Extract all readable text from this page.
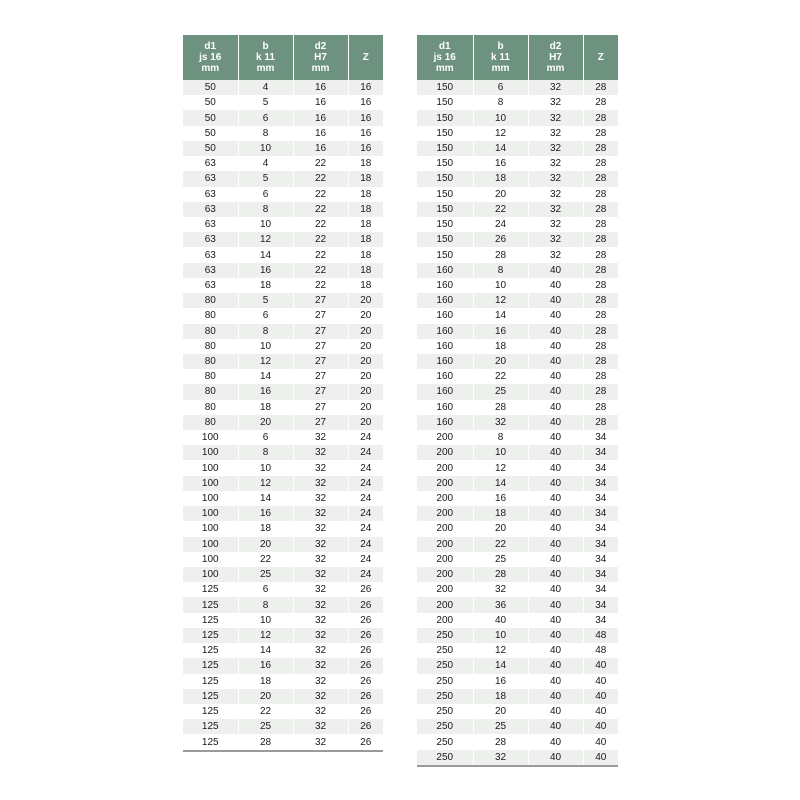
d1
js 16
mm	b
k 11
mm	d2
H7
mm	Z

50	4	16	16
50	5	16	16
50	6	16	16
50	8	16	16
50	10	16	16
63	4	22	18
63	5	22	18
63	6	22	18
63	8	22	18
63	10	22	18
63	12	22	18
63	14	22	18
63	16	22	18
63	18	22	18
80	5	27	20
80	6	27	20
80	8	27	20
80	10	27	20
80	12	27	20
80	14	27	20
80	16	27	20
80	18	27	20
80	20	27	20
100	6	32	24
100	8	32	24
100	10	32	24
100	12	32	24
100	14	32	24
100	16	32	24
100	18	32	24
100	20	32	24
100	22	32	24
100	25	32	24
125	6	32	26
125	8	32	26
125	10	32	26
125	12	32	26
125	14	32	26
125	16	32	26
125	18	32	26
125	20	32	26
125	22	32	26
125	25	32	26
125	28	32	26
d1
js 16
mm	b
k 11
mm	d2
H7
mm	Z

150	6	32	28
150	8	32	28
150	10	32	28
150	12	32	28
150	14	32	28
150	16	32	28
150	18	32	28
150	20	32	28
150	22	32	28
150	24	32	28
150	26	32	28
150	28	32	28
160	8	40	28
160	10	40	28
160	12	40	28
160	14	40	28
160	16	40	28
160	18	40	28
160	20	40	28
160	22	40	28
160	25	40	28
160	28	40	28
160	32	40	28
200	8	40	34
200	10	40	34
200	12	40	34
200	14	40	34
200	16	40	34
200	18	40	34
200	20	40	34
200	22	40	34
200	25	40	34
200	28	40	34
200	32	40	34
200	36	40	34
200	40	40	34
250	10	40	48
250	12	40	48
250	14	40	40
250	16	40	40
250	18	40	40
250	20	40	40
250	25	40	40
250	28	40	40
250	32	40	40
